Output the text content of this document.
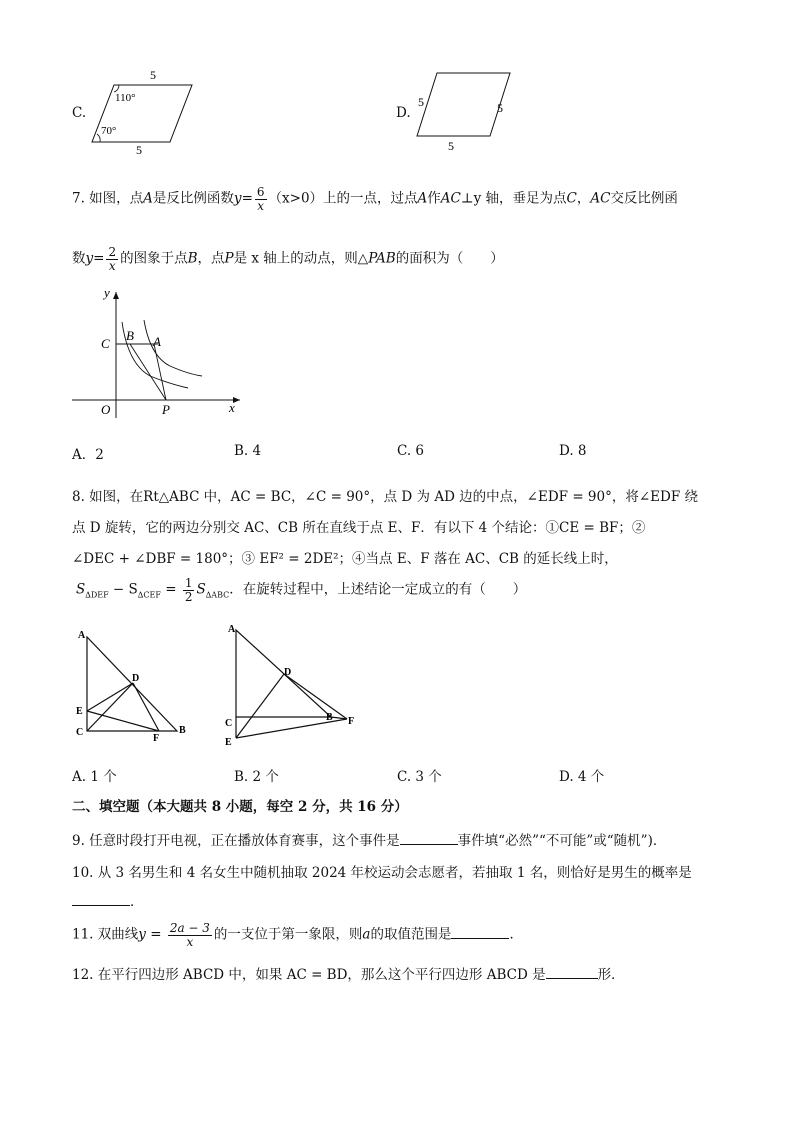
C.
5
110°
70°
5
D.
5	5
5
7. 如图，点A是反比例函数$y= \frac{6}{x} (x>0)$上的一点，过点A作AC⊥y 轴，垂足为点C，AC交反比例函
数$y= \frac{2}{x}$ 的图象于点B，点P是 x 轴上的动点，则△PAB的面积为（　　）
y
x
O
C
B A
P
A．2	B. 4	C. 6	D. 8
8. 如图，在Rt△ABC 中，AC = BC，∠C = 90°，点 D 为 AD 边的中点，∠EDF = 90°，将∠EDF 绕
点 D 旋转，它的两边分别交 AC、CB 所在直线于点 E、F．有以下 4 个结论：①CE = BF；②
∠DEC + ∠DBF = 180°；③ EF² = 2DE²；④当点 E、F 落在 AC、CB 的延长线上时，
$S_{\Delta DEF} - S_{\Delta CEF} = \frac{1}{2} S_{\Delta ABC}$．在旋转过程中，上述结论一定成立的有（　　）
A
D
E
C
F
B
A
D
C
E
B F
A. 1 个	B. 2 个	C. 3 个	D. 4 个
二、填空题（本大题共 8 小题，每空 2 分，共 16 分）
9. 任意时段打开电视，正在播放体育赛事，这个事件是	事件填“必然”“不可能”或“随机”)．
10. 从 3 名男生和 4 名女生中随机抽取 2024 年校运动会志愿者，若抽取 1 名，则恰好是男生的概率是
．
11. 双曲线$y = \frac{2a - 3}{x}$ 的一支位于第一象限，则a的取值范围是	．
12. 在平行四边形 ABCD 中，如果 AC = BD，那么这个平行四边形 ABCD 是	形．
